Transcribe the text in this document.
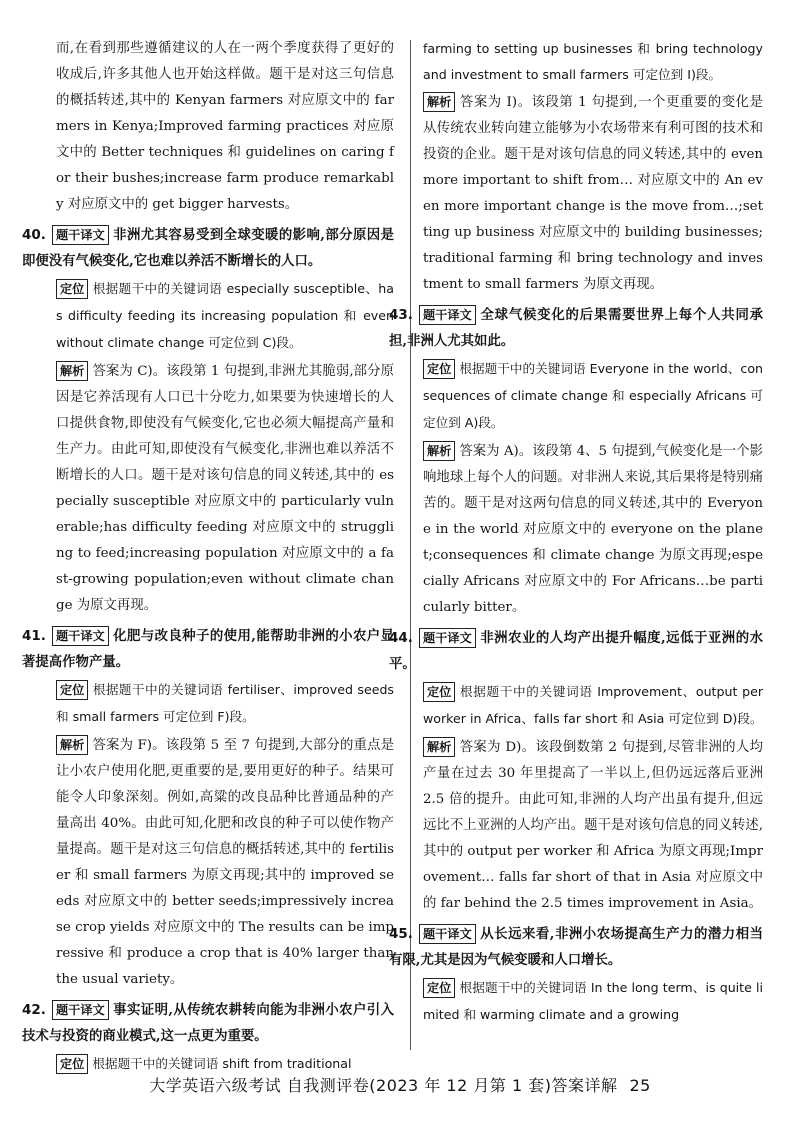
而,在看到那些遵循建议的人在一两个季度获得了更好的收成后,许多其他人也开始这样做。题干是对这三句信息的概括转述,其中的 Kenyan farmers 对应原文中的 farmers in Kenya;Improved farming practices 对应原文中的 Better techniques 和 guidelines on caring for their bushes;increase farm produce remarkably 对应原文中的 get bigger harvests。

40. 题干译文 非洲尤其容易受到全球变暖的影响,部分原因是即便没有气候变化,它也难以养活不断增长的人口。

定位 根据题干中的关键词语 especially susceptible、has difficulty feeding its increasing population 和 even without climate change 可定位到 C)段。

解析 答案为 C)。该段第 1 句提到,非洲尤其脆弱,部分原因是它养活现有人口已十分吃力,如果要为快速增长的人口提供食物,即使没有气候变化,它也必须大幅提高产量和生产力。由此可知,即使没有气候变化,非洲也难以养活不断增长的人口。题干是对该句信息的同义转述,其中的 especially susceptible 对应原文中的 particularly vulnerable;has difficulty feeding 对应原文中的 struggling to feed;increasing population 对应原文中的 a fast-growing population;even without climate change 为原文再现。

41. 题干译文 化肥与改良种子的使用,能帮助非洲的小农户显著提高作物产量。

定位 根据题干中的关键词语 fertiliser、improved seeds 和 small farmers 可定位到 F)段。

解析 答案为 F)。该段第 5 至 7 句提到,大部分的重点是让小农户使用化肥,更重要的是,要用更好的种子。结果可能令人印象深刻。例如,高粱的改良品种比普通品种的产量高出 40%。由此可知,化肥和改良的种子可以使作物产量提高。题干是对这三句信息的概括转述,其中的 fertiliser 和 small farmers 为原文再现;其中的 improved seeds 对应原文中的 better seeds;impressively increase crop yields 对应原文中的 The results can be impressive 和 produce a crop that is 40% larger than the usual variety。

42. 题干译文 事实证明,从传统农耕转向能为非洲小农户引入技术与投资的商业模式,这一点更为重要。

定位 根据题干中的关键词语 shift from traditional

farming to setting up businesses 和 bring technology and investment to small farmers 可定位到 I)段。

解析 答案为 I)。该段第 1 句提到,一个更重要的变化是从传统农业转向建立能够为小农场带来有利可图的技术和投资的企业。题干是对该句信息的同义转述,其中的 even more important to shift from… 对应原文中的 An even more important change is the move from…;setting up business 对应原文中的 building businesses;traditional farming 和 bring technology and investment to small farmers 为原文再现。

43. 题干译文 全球气候变化的后果需要世界上每个人共同承担,非洲人尤其如此。

定位 根据题干中的关键词语 Everyone in the world、consequences of climate change 和 especially Africans 可定位到 A)段。

解析 答案为 A)。该段第 4、5 句提到,气候变化是一个影响地球上每个人的问题。对非洲人来说,其后果将是特别痛苦的。题干是对这两句信息的同义转述,其中的 Everyone in the world 对应原文中的 everyone on the planet;consequences 和 climate change 为原文再现;especially Africans 对应原文中的 For Africans…be particularly bitter。

44. 题干译文 非洲农业的人均产出提升幅度,远低于亚洲的水平。

定位 根据题干中的关键词语 Improvement、output per worker in Africa、falls far short 和 Asia 可定位到 D)段。

解析 答案为 D)。该段倒数第 2 句提到,尽管非洲的人均产量在过去 30 年里提高了一半以上,但仍远远落后亚洲 2.5 倍的提升。由此可知,非洲的人均产出虽有提升,但远远比不上亚洲的人均产出。题干是对该句信息的同义转述,其中的 output per worker 和 Africa 为原文再现;Improvement… falls far short of that in Asia 对应原文中的 far behind the 2.5 times improvement in Asia。

45. 题干译文 从长远来看,非洲小农场提高生产力的潜力相当有限,尤其是因为气候变暖和人口增长。

定位 根据题干中的关键词语 In the long term、is quite limited 和 warming climate and a growing

大学英语六级考试 自我测评卷(2023 年 12 月第 1 套)答案详解 25
